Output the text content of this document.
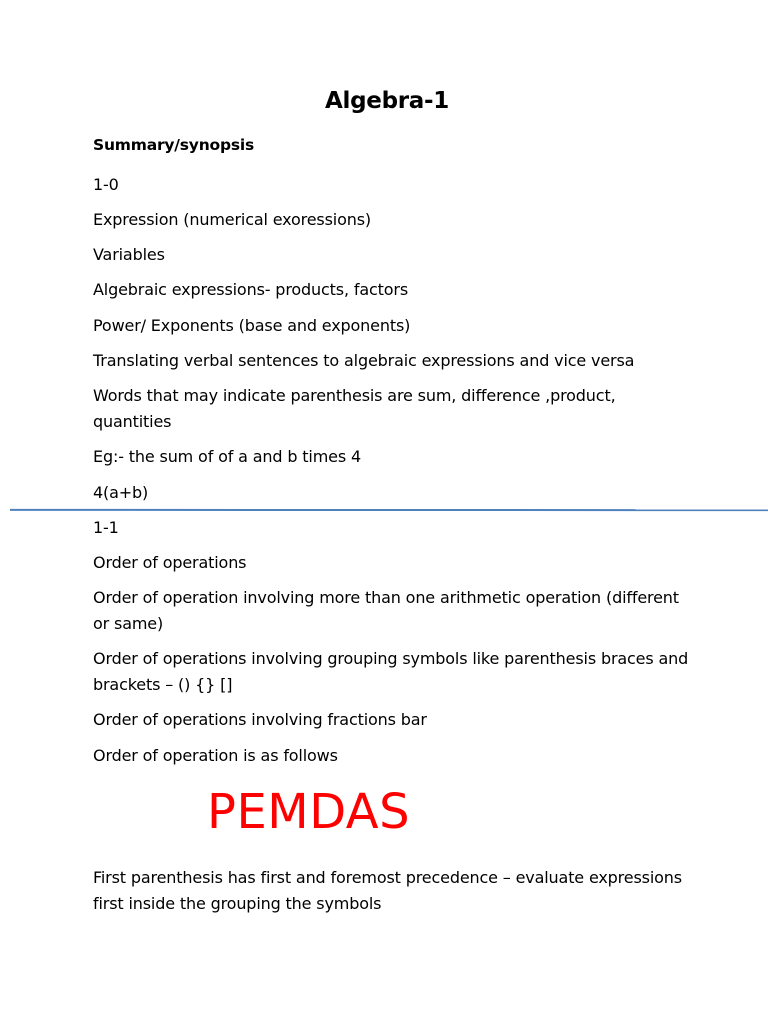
Algebra-1
Summary/synopsis
1-0
Expression (numerical exoressions)
Variables
Algebraic expressions- products, factors
Power/ Exponents (base and exponents)
Translating verbal sentences to algebraic expressions and vice versa
Words that may indicate parenthesis are sum, difference ,product, quantities
Eg:- the sum of of a and b times 4
4(a+b)
1-1
Order of operations
Order of operation involving more than one arithmetic operation (different or same)
Order of operations involving grouping symbols like parenthesis braces and brackets – () {} []
Order of operations involving fractions bar
Order of operation is as follows
PEMDAS
First parenthesis has first and foremost precedence – evaluate expressions first inside the grouping the symbols
